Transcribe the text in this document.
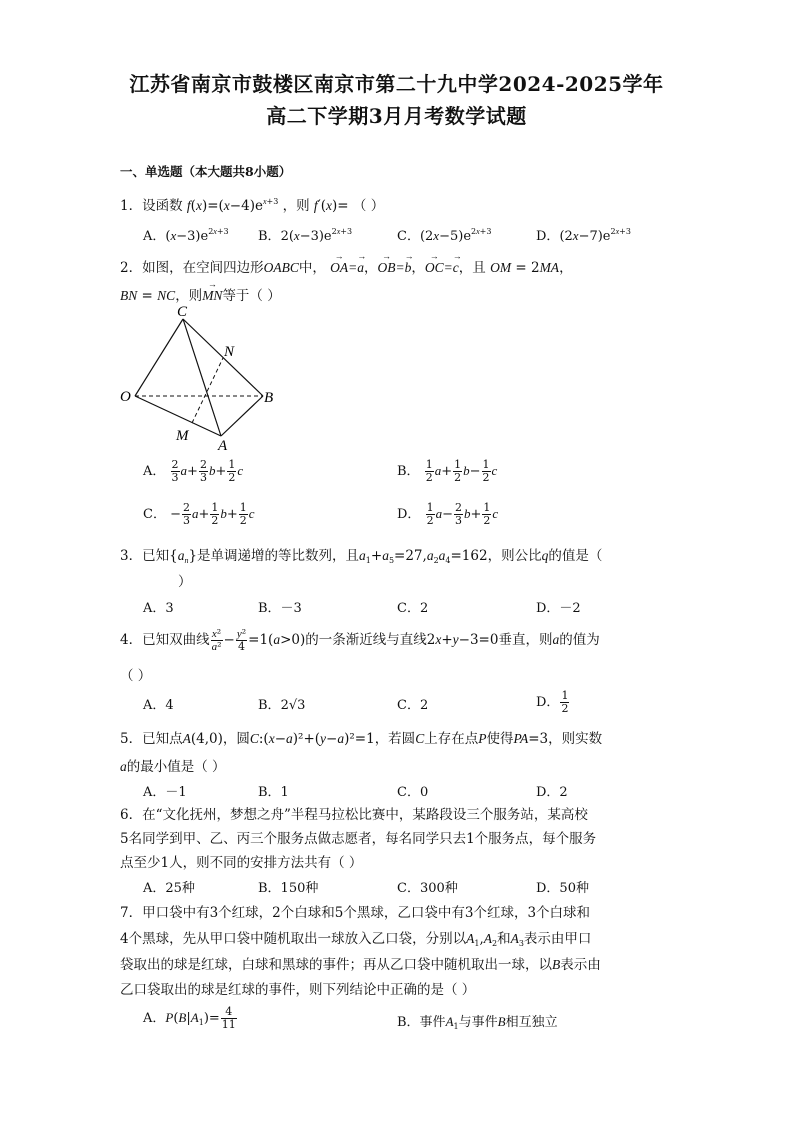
江苏省南京市鼓楼区南京市第二十九中学2024-2025学年
高二下学期3月月考数学试题
一、单选题（本大题共8小题）
1．设函数 $f(x)=(x-4)e^{x+3}$ ，则 f′(x)= （ ）
A．$(x-3)e^{2x+3}$ B．$2(x-3)e^{2x+3}$	C．$(2x-5)e^{2x+3}$	D．$(2x-7)e^{2x+3}$
2．如图，在空间四边形OABC中， → OA=→ a，→ OB=→ b，→ OC=→ c，且 OM = 2MA，
BN = NC，则→ MN等于（ ）
C
N
O	B
M
A
A． $\frac{2}{3} a+ \frac{2}{3} b+ \frac{1}{2}$ c	B． $\frac{1}{2} a+ \frac{1}{2} b- \frac{1}{2}$ c
C． − $\frac{2}{3} a+ \frac{1}{2} b+ \frac{1}{2}$ c	D． $\frac{1}{2} a- \frac{2}{3} b+ \frac{1}{2}$ c
3．已知$\{a_n\}$是单调递增的等比数列，且$a_1+a_5=27,a_2a_4=162$，则公比q的值是（
）
A．3	B．－3	C．2	D．－2
4．已知双曲线 $\frac{\text{x²}}{\text{a²}} - \frac{\text{y²}}{4} =1(a>0)$的一条渐近线与直线2x+y−3=0垂直，则a的值为
（ ）
A．4	B．2√3	C．2	D． $\frac{1}{2}$
5．已知点A(4,0)，圆C:(x−a)²+(y−a)²=1，若圆C上存在点P使得PA=3，则实数
a的最小值是（ ）
A．－1	B．1	C．0	D．2
6．在“文化抚州，梦想之舟”半程马拉松比赛中，某路段设三个服务站，某高校
5名同学到甲、乙、丙三个服务点做志愿者，每名同学只去1个服务点，每个服务
点至少1人，则不同的安排方法共有（ ）
A．25种	B．150种	C．300种	D．50种
7．甲口袋中有3个红球，2个白球和5个黑球，乙口袋中有3个红球，3个白球和
4个黑球，先从甲口袋中随机取出一球放入乙口袋，分别以$A_1,A_2$和$A_3$表示由甲口
袋取出的球是红球，白球和黑球的事件；再从乙口袋中随机取出一球，以B表示由
乙口袋取出的球是红球的事件，则下列结论中正确的是（ ）
A．$P(B|A_1)= \frac{4}{11}$	B．事件$A_1$与事件B相互独立
